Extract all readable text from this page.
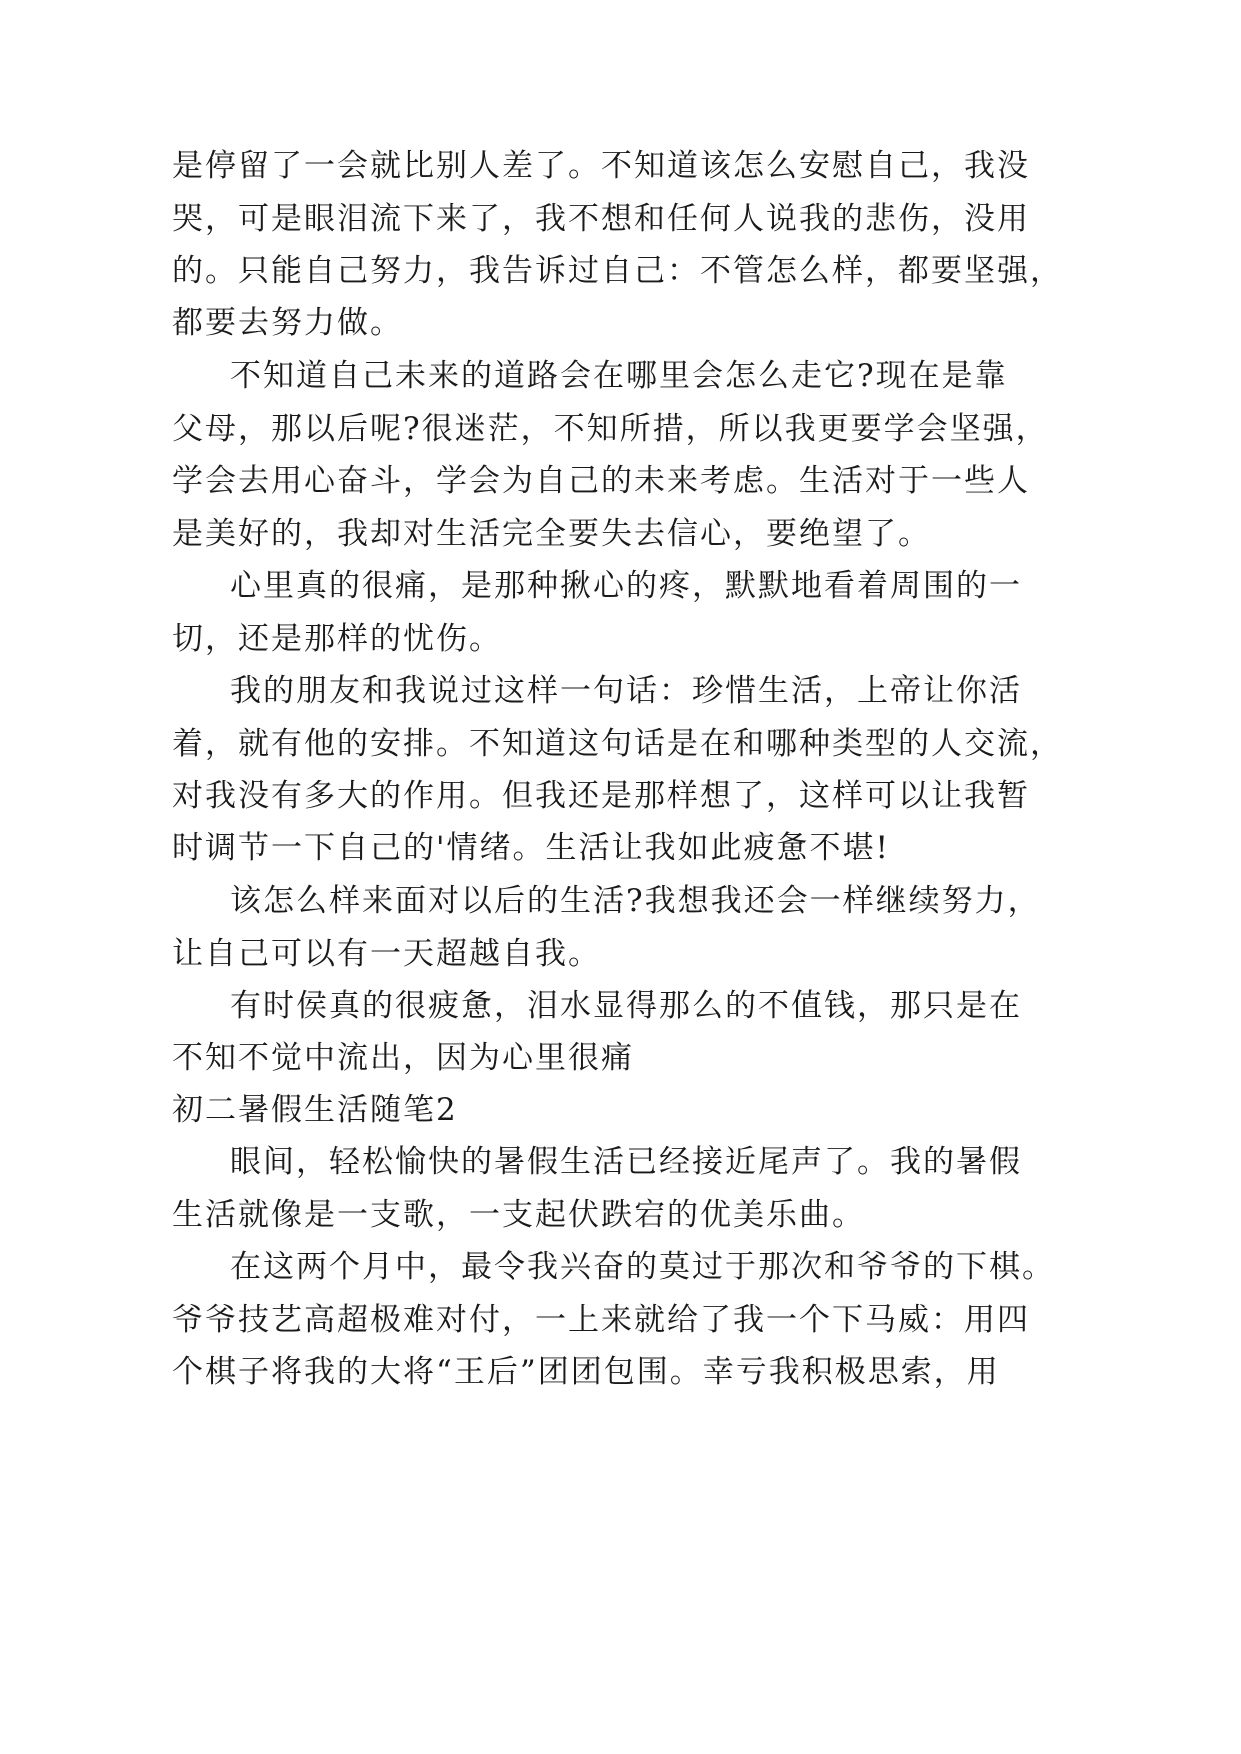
是停留了一会就比别人差了。不知道该怎么安慰自己，我没
哭，可是眼泪流下来了，我不想和任何人说我的悲伤，没用
的。只能自己努力，我告诉过自己：不管怎么样，都要坚强，
都要去努力做。
不知道自己未来的道路会在哪里会怎么走它?现在是靠
父母，那以后呢?很迷茫，不知所措，所以我更要学会坚强，
学会去用心奋斗，学会为自己的未来考虑。生活对于一些人
是美好的，我却对生活完全要失去信心，要绝望了。
心里真的很痛，是那种揪心的疼，默默地看着周围的一
切，还是那样的忧伤。
我的朋友和我说过这样一句话：珍惜生活，上帝让你活
着，就有他的安排。不知道这句话是在和哪种类型的人交流，
对我没有多大的作用。但我还是那样想了，这样可以让我暂
时调节一下自己的'情绪。生活让我如此疲惫不堪!
该怎么样来面对以后的生活?我想我还会一样继续努力，
让自己可以有一天超越自我。
有时侯真的很疲惫，泪水显得那么的不值钱，那只是在
不知不觉中流出，因为心里很痛
初二暑假生活随笔2
眼间，轻松愉快的暑假生活已经接近尾声了。我的暑假
生活就像是一支歌，一支起伏跌宕的优美乐曲。
在这两个月中，最令我兴奋的莫过于那次和爷爷的下棋。
爷爷技艺高超极难对付，一上来就给了我一个下马威：用四
个棋子将我的大将“王后”团团包围。幸亏我积极思索，用
